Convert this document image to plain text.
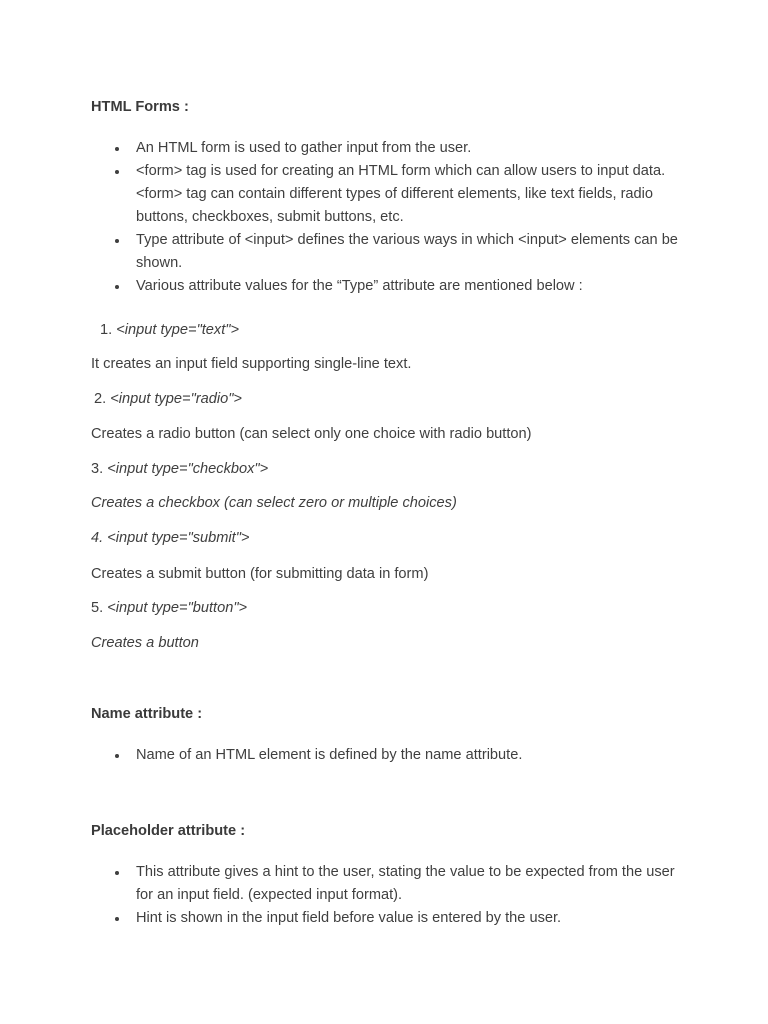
HTML Forms :
An HTML form is used to gather input from the user.
<form> tag is used for creating an HTML form which can allow users to input data. <form> tag can contain different types of different elements, like text fields, radio buttons, checkboxes, submit buttons, etc.
Type attribute of <input> defines the various ways in which <input> elements can be shown.
Various attribute values for the “Type” attribute are mentioned below :
1. <input type="text">
It creates an input field supporting single-line text.
2. <input type="radio">
Creates a radio button (can select only one choice with radio button)
3. <input type="checkbox">
Creates a checkbox (can select zero or multiple choices)
4. <input type="submit">
Creates a submit button (for submitting data in form)
5. <input type="button">
Creates a button
Name attribute :
Name of an HTML element is defined by the name attribute.
Placeholder attribute :
This attribute gives a hint to the user, stating the value to be expected from the user for an input field. (expected input format).
Hint is shown in the input field before value is entered by the user.
